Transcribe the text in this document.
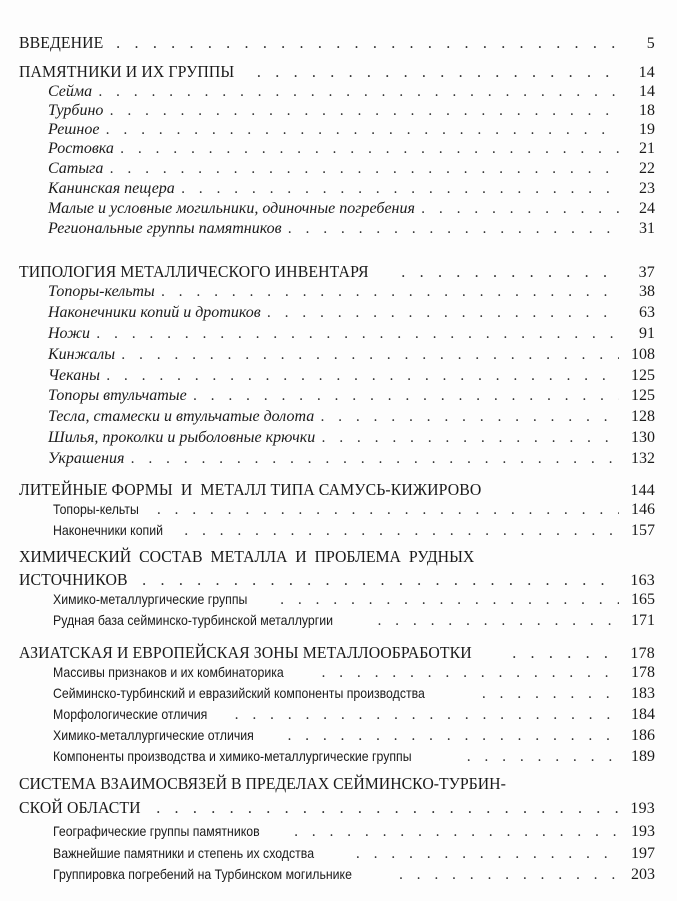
ВВЕДЕНИЕ . . .	5
ПАМЯТНИКИ И ИХ ГРУППЫ . . .	14
Сейма . . .	14
Турбино . . .	18
Решное . . .	19
Ростовка . . .	21
Сатыга . . .	22
Канинская пещера . . .	23
Малые и условные могильники, одиночные погребения . . .	24
Региональные группы памятников . . .	31
ТИПОЛОГИЯ МЕТАЛЛИЧЕСКОГО ИНВЕНТАРЯ . . .	37
Топоры-кельты . . .	38
Наконечники копий и дротиков . . .	63
Ножи . . .	91
Кинжалы . . .	108
Чеканы . . .	125
Топоры втульчатые . . .	125
Тесла, стамески и втульчатые долота . . .	128
Шилья, проколки и рыболовные крючки . . .	130
Украшения . . .	132
ЛИТЕЙНЫЕ ФОРМЫ  И  МЕТАЛЛ ТИПА САМУСЬ-КИЖИРОВО	144
Топоры-кельты . . .	146
Наконечники копий . . .	157
ХИМИЧЕСКИЙ  СОСТАВ  МЕТАЛЛА  И  ПРОБЛЕМА  РУДНЫХ
ИСТОЧНИКОВ . . .	163
Химико-металлургические группы . . .	165
Рудная база сейминско-турбинской металлургии . . .	171
АЗИАТСКАЯ И ЕВРОПЕЙСКАЯ ЗОНЫ МЕТАЛЛООБРАБОТКИ . . .	178
Массивы признаков и их комбинаторика . . .	178
Сейминско-турбинский и евразийский компоненты производства . . .	183
Морфологические отличия . . .	184
Химико-металлургические отличия . . .	186
Компоненты производства и химико-металлургические группы . . .	189
СИСТЕМА ВЗАИМОСВЯЗЕЙ В ПРЕДЕЛАХ СЕЙМИНСКО-ТУРБИН-
СКОЙ ОБЛАСТИ . . .	193
Географические группы памятников . . .	193
Важнейшие памятники и степень их сходства . . .	197
Группировка погребений на Турбинском могильнике . . .	203
